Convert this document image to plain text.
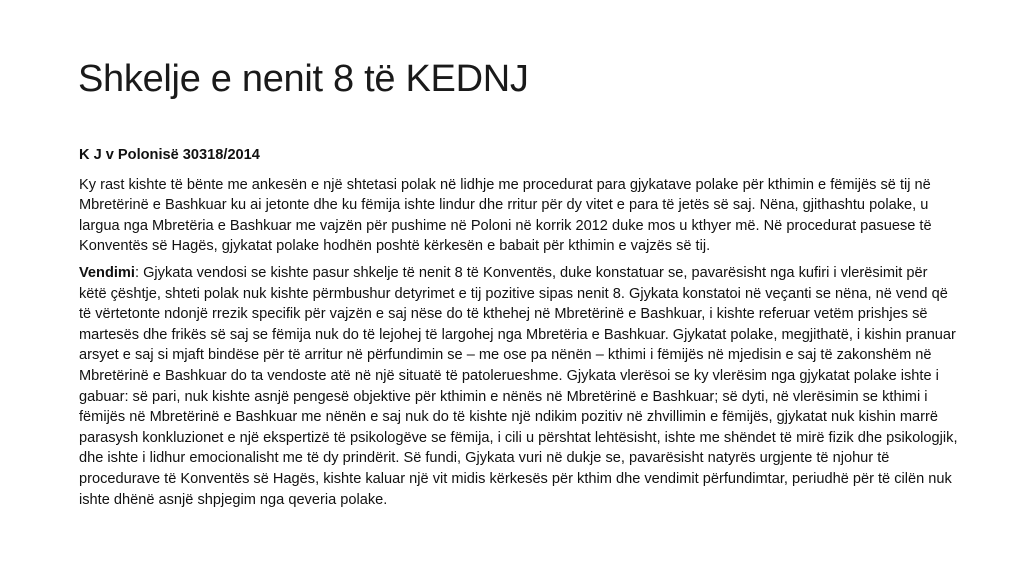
Shkelje e nenit 8 të KEDNJ

K J v Polonisë 30318/2014

Ky rast kishte të bënte me ankesën e një shtetasi polak në lidhje me procedurat para gjykatave polake për kthimin e fëmijës së tij në Mbretërinë e Bashkuar ku ai jetonte dhe ku fëmija ishte lindur dhe rritur për dy vitet e para të jetës së saj. Nëna, gjithashtu polake, u largua nga Mbretëria e Bashkuar me vajzën për pushime në Poloni në korrik 2012 duke mos u kthyer më. Në procedurat pasuese të Konventës së Hagës, gjykatat polake hodhën poshtë kërkesën e babait për kthimin e vajzës së tij.

Vendimi: Gjykata vendosi se kishte pasur shkelje të nenit 8 të Konventës, duke konstatuar se, pavarësisht nga kufiri i vlerësimit për këtë çështje, shteti polak nuk kishte përmbushur detyrimet e tij pozitive sipas nenit 8. Gjykata konstatoi në veçanti se nëna, në vend që të vërtetonte ndonjë rrezik specifik për vajzën e saj nëse do të kthehej në Mbretërinë e Bashkuar, i kishte referuar vetëm prishjes së martesës dhe frikës së saj se fëmija nuk do të lejohej të largohej nga Mbretëria e Bashkuar. Gjykatat polake, megjithatë, i kishin pranuar arsyet e saj si mjaft bindëse për të arritur në përfundimin se – me ose pa nënën – kthimi i fëmijës në mjedisin e saj të zakonshëm në Mbretërinë e Bashkuar do ta vendoste atë në një situatë të patolerueshme. Gjykata vlerësoi se ky vlerësim nga gjykatat polake ishte i gabuar: së pari, nuk kishte asnjë pengesë objektive për kthimin e nënës në Mbretërinë e Bashkuar; së dyti, në vlerësimin se kthimi i fëmijës në Mbretërinë e Bashkuar me nënën e saj nuk do të kishte një ndikim pozitiv në zhvillimin e fëmijës, gjykatat nuk kishin marrë parasysh konkluzionet e një ekspertizë të psikologëve se fëmija, i cili u përshtat lehtësisht, ishte me shëndet të mirë fizik dhe psikologjik, dhe ishte i lidhur emocionalisht me të dy prindërit. Së fundi, Gjykata vuri në dukje se, pavarësisht natyrës urgjente të njohur të procedurave të Konventës së Hagës, kishte kaluar një vit midis kërkesës për kthim dhe vendimit përfundimtar, periudhë për të cilën nuk ishte dhënë asnjë shpjegim nga qeveria polake.
